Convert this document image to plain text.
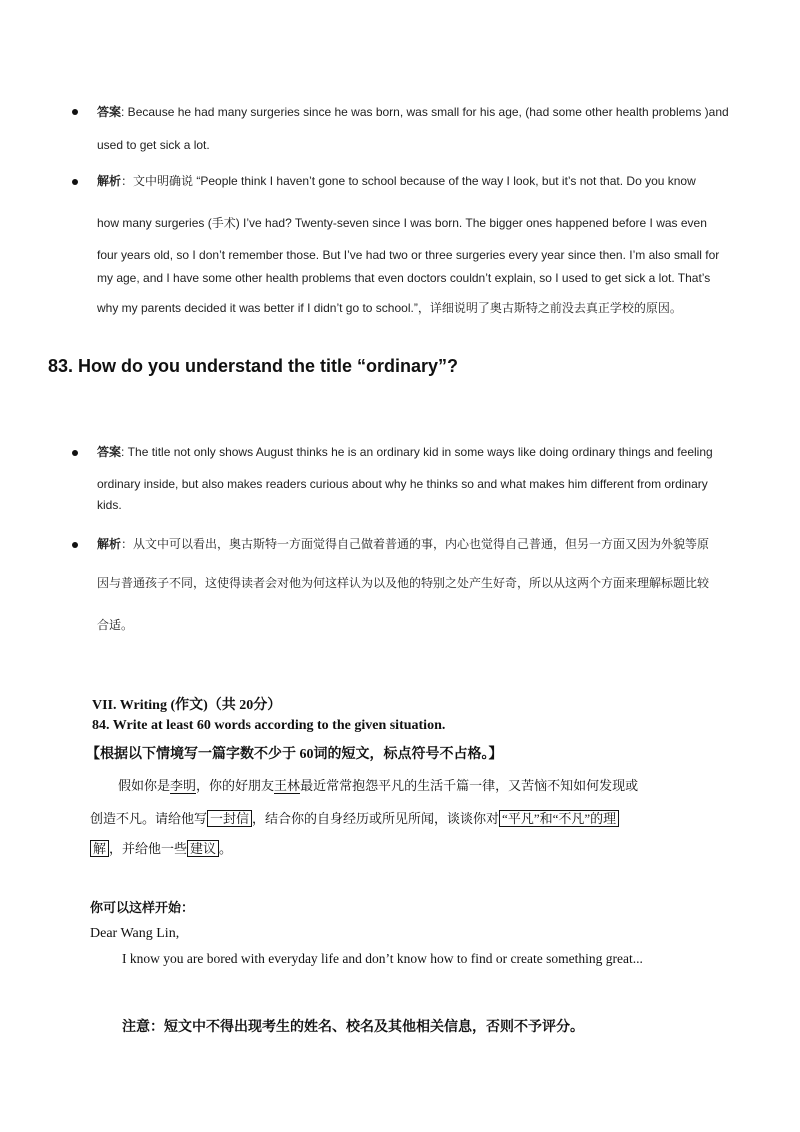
答案: Because he had many surgeries since he was born, was small for his age, (had some other health problems )and
used to get sick a lot.
解析：文中明确说 “People think I haven’t gone to school because of the way I look, but it’s not that. Do you know
how many surgeries (手术) I’ve had? Twenty-seven since I was born. The bigger ones happened before I was even
four years old, so I don’t remember those. But I’ve had two or three surgeries every year since then. I’m also small for
my age, and I have some other health problems that even doctors couldn’t explain, so I used to get sick a lot. That’s
why my parents decided it was better if I didn’t go to school.”，详细说明了奥古斯特之前没去真正学校的原因。
83. How do you understand the title “ordinary”?
答案: The title not only shows August thinks he is an ordinary kid in some ways like doing ordinary things and feeling
ordinary inside, but also makes readers curious about why he thinks so and what makes him different from ordinary
kids.
解析：从文中可以看出，奥古斯特一方面觉得自己做着普通的事，内心也觉得自己普通，但另一方面又因为外貌等原
因与普通孩子不同，这使得读者会对他为何这样认为以及他的特别之处产生好奇，所以从这两个方面来理解标题比较
合适。
VII. Writing (作文)（共 20分）
84. Write at least 60 words according to the given situation.
【根据以下情境写一篇字数不少于 60词的短文，标点符号不占格。】
假如你是李明，你的好朋友王林最近常常抱怨平凡的生活千篇一律，又苦恼不知如何发现或
创造不凡。请给他写 一封信 ，结合你的自身经历或所见所闻，谈谈你对 “平凡”和“不凡”的理
解 ，并给他一些 建议 。
你可以这样开始：
Dear Wang Lin,
I know you are bored with everyday life and don’t know how to find or create something great...
注意：短文中不得出现考生的姓名、校名及其他相关信息，否则不予评分。
